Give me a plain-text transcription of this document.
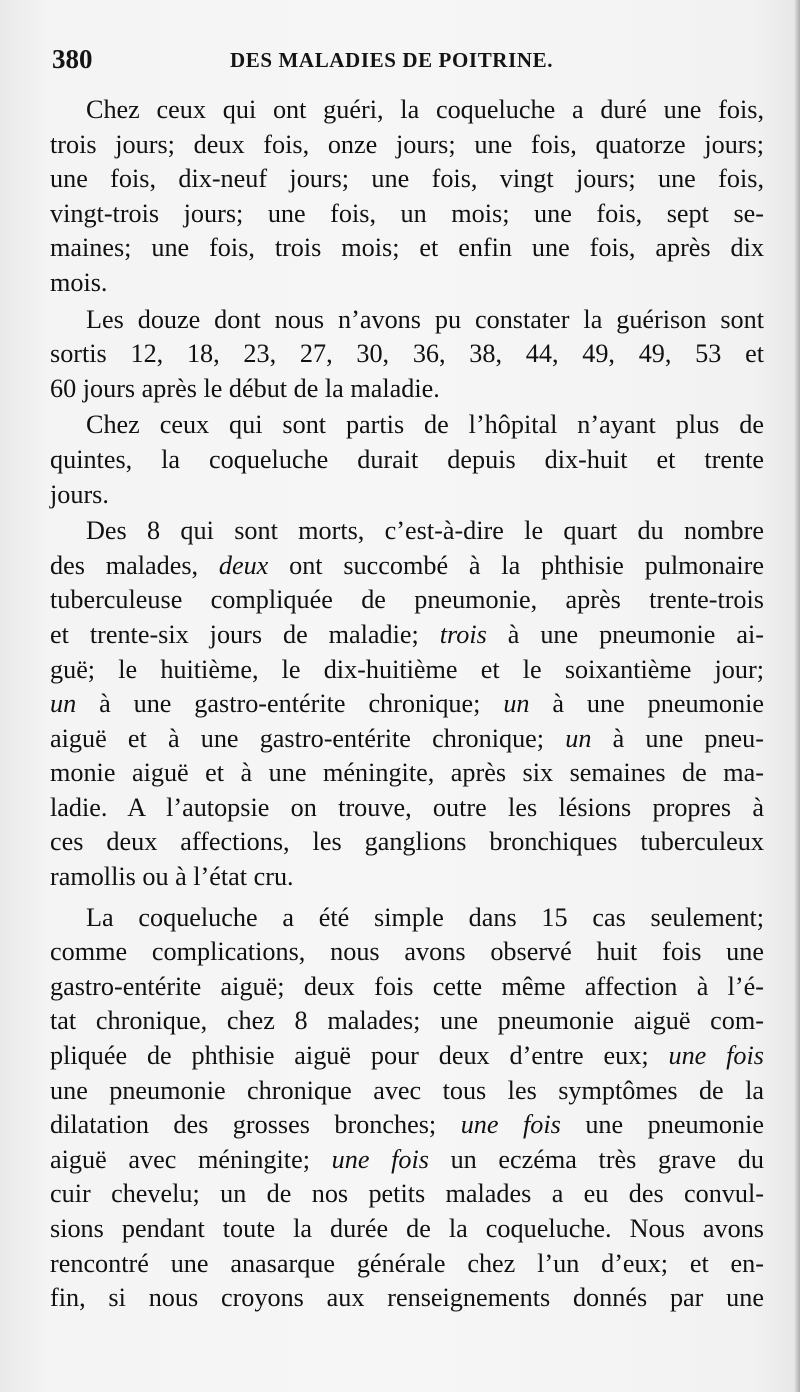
380	DES MALADIES DE POITRINE.

Chez ceux qui ont guéri, la coqueluche a duré une fois,

trois jours; deux fois, onze jours; une fois, quatorze jours;

une fois, dix-neuf jours; une fois, vingt jours; une fois,

vingt-trois jours; une fois, un mois; une fois, sept se-

maines; une fois, trois mois; et enfin une fois, après dix

mois.

Les douze dont nous n’avons pu constater la guérison sont

sortis 12, 18, 23, 27, 30, 36, 38, 44, 49, 49, 53 et

60 jours après le début de la maladie.

Chez ceux qui sont partis de l’hôpital n’ayant plus de

quintes, la coqueluche durait depuis dix-huit et trente

jours.

Des 8 qui sont morts, c’est-à-dire le quart du nombre

des malades, deux ont succombé à la phthisie pulmonaire

tuberculeuse compliquée de pneumonie, après trente-trois

et trente-six jours de maladie; trois à une pneumonie ai-

guë; le huitième, le dix-huitième et le soixantième jour;

un à une gastro-entérite chronique; un à une pneumonie

aiguë et à une gastro-entérite chronique; un à une pneu-

monie aiguë et à une méningite, après six semaines de ma-

ladie. A l’autopsie on trouve, outre les lésions propres à

ces deux affections, les ganglions bronchiques tuberculeux

ramollis ou à l’état cru.

La coqueluche a été simple dans 15 cas seulement;

comme complications, nous avons observé huit fois une

gastro-entérite aiguë; deux fois cette même affection à l’é-

tat chronique, chez 8 malades; une pneumonie aiguë com-

pliquée de phthisie aiguë pour deux d’entre eux; une fois

une pneumonie chronique avec tous les symptômes de la

dilatation des grosses bronches; une fois une pneumonie

aiguë avec méningite; une fois un eczéma très grave du

cuir chevelu; un de nos petits malades a eu des convul-

sions pendant toute la durée de la coqueluche. Nous avons

rencontré une anasarque générale chez l’un d’eux; et en-

fin, si nous croyons aux renseignements donnés par une
